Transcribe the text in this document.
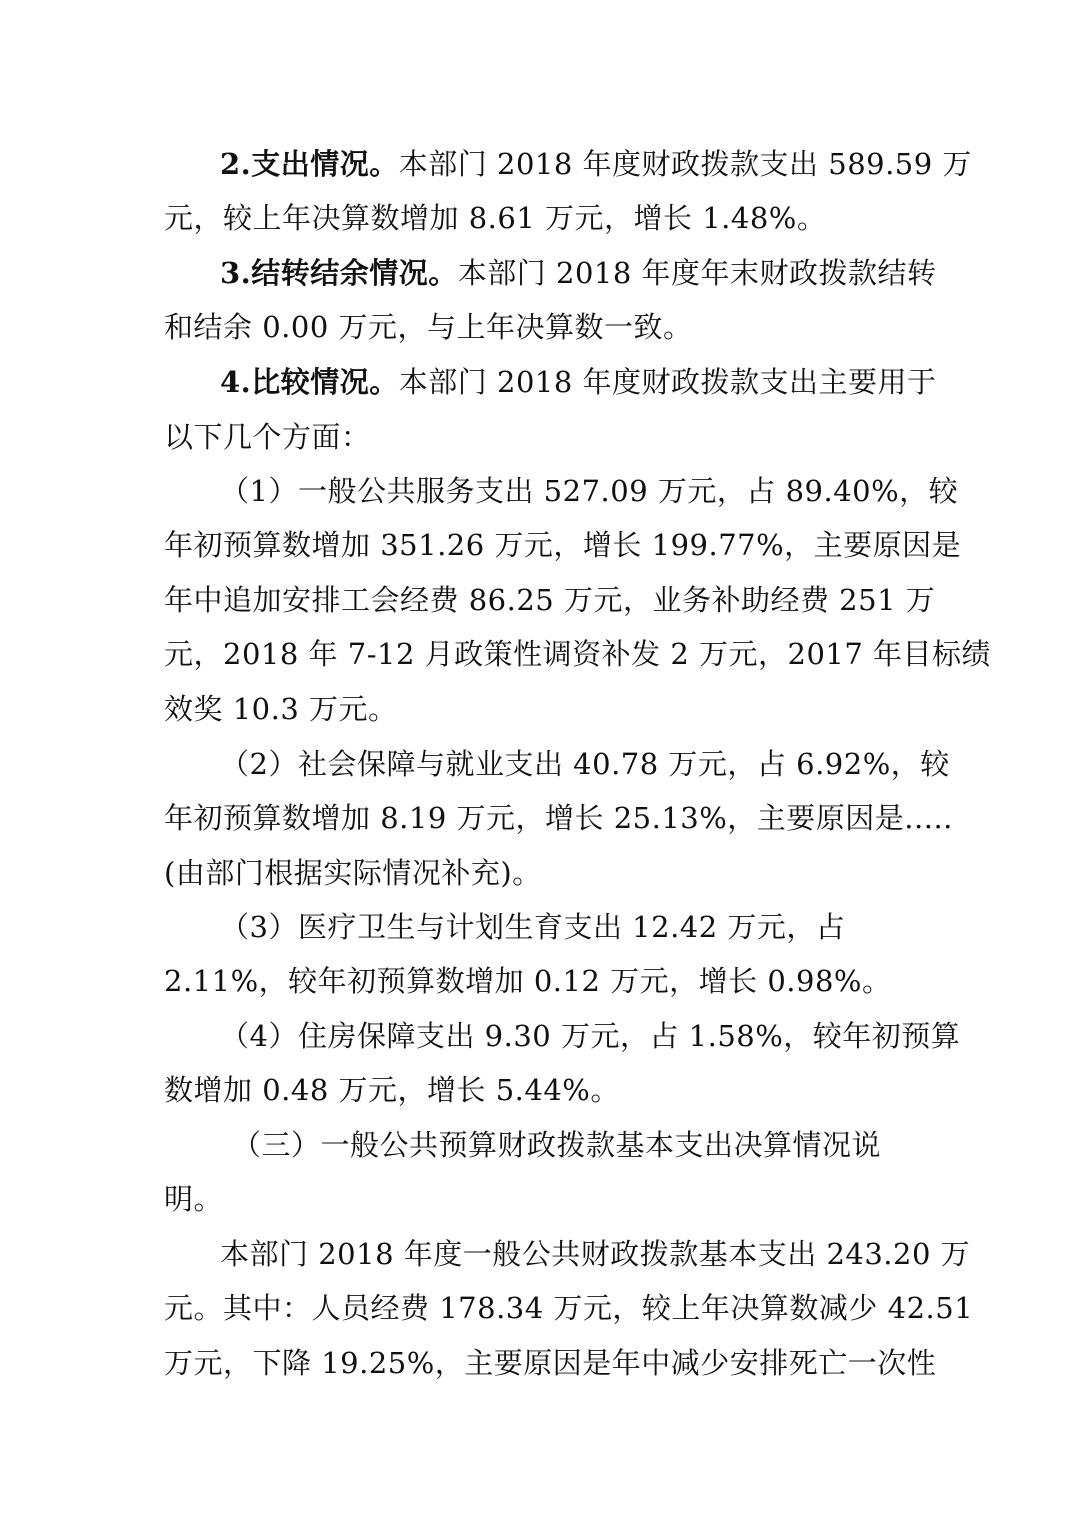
2.支出情况。本部门 2018 年度财政拨款支出 589.59 万

元，较上年决算数增加 8.61 万元，增长 1.48%。

3.结转结余情况。本部门 2018 年度年末财政拨款结转

和结余 0.00 万元，与上年决算数一致。

4.比较情况。本部门 2018 年度财政拨款支出主要用于

以下几个方面：

（1）一般公共服务支出 527.09 万元，占 89.40%，较

年初预算数增加 351.26 万元，增长 199.77%，主要原因是

年中追加安排工会经费 86.25 万元，业务补助经费 251 万

元，2018 年 7-12 月政策性调资补发 2 万元，2017 年目标绩

效奖 10.3 万元。

（2）社会保障与就业支出 40.78 万元，占 6.92%，较

年初预算数增加 8.19 万元，增长 25.13%，主要原因是.....

(由部门根据实际情况补充)。

（3）医疗卫生与计划生育支出 12.42 万元，占

2.11%，较年初预算数增加 0.12 万元，增长 0.98%。

（4）住房保障支出 9.30 万元，占 1.58%，较年初预算

数增加 0.48 万元，增长 5.44%。

（三）一般公共预算财政拨款基本支出决算情况说

明。

本部门 2018 年度一般公共财政拨款基本支出 243.20 万

元。其中：人员经费 178.34 万元，较上年决算数减少 42.51

万元，下降 19.25%，主要原因是年中减少安排死亡一次性
